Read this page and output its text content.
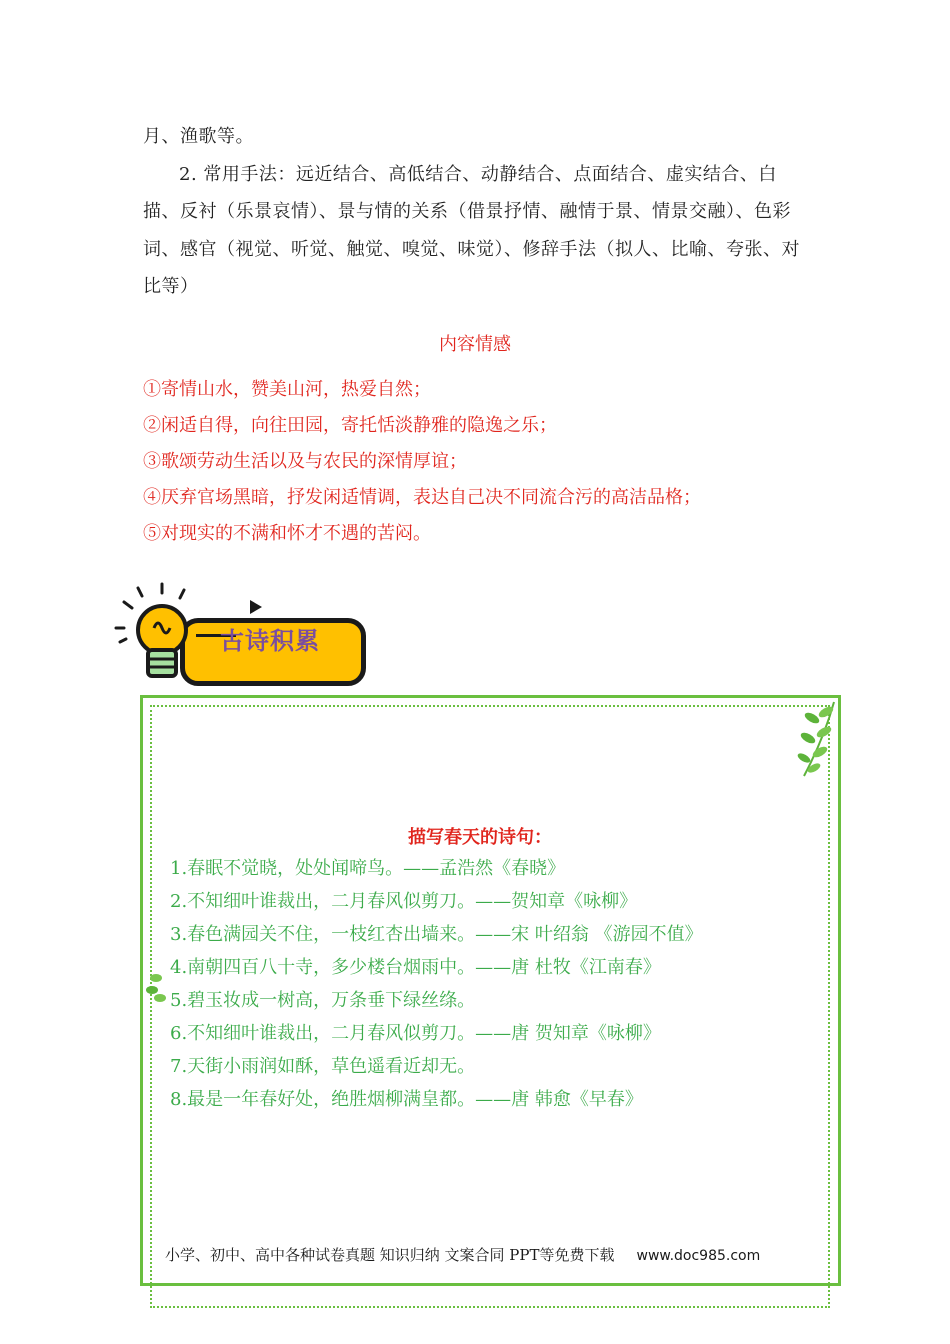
月、渔歌等。
2. 常用手法：远近结合、高低结合、动静结合、点面结合、虚实结合、白描、反衬（乐景哀情）、景与情的关系（借景抒情、融情于景、情景交融）、色彩词、感官（视觉、听觉、触觉、嗅觉、味觉）、修辞手法（拟人、比喻、夸张、对比等）
内容情感
①寄情山水，赞美山河，热爱自然；
②闲适自得，向往田园，寄托恬淡静雅的隐逸之乐；
③歌颂劳动生活以及与农民的深情厚谊；
④厌弃官场黑暗，抒发闲适情调，表达自己决不同流合污的高洁品格；
⑤对现实的不满和怀才不遇的苦闷。
古诗积累
描写春天的诗句：
1.春眠不觉晓，处处闻啼鸟。——孟浩然《春晓》
2.不知细叶谁裁出，二月春风似剪刀。——贺知章《咏柳》
3.春色满园关不住，一枝红杏出墙来。——宋 叶绍翁 《游园不值》
4.南朝四百八十寺，多少楼台烟雨中。——唐 杜牧《江南春》
5.碧玉妆成一树高，万条垂下绿丝绦。
6.不知细叶谁裁出，二月春风似剪刀。——唐 贺知章《咏柳》
7.天街小雨润如酥，草色遥看近却无。
8.最是一年春好处，绝胜烟柳满皇都。——唐 韩愈《早春》
小学、初中、高中各种试卷真题 知识归纳 文案合同 PPT等免费下载 www.doc985.com
